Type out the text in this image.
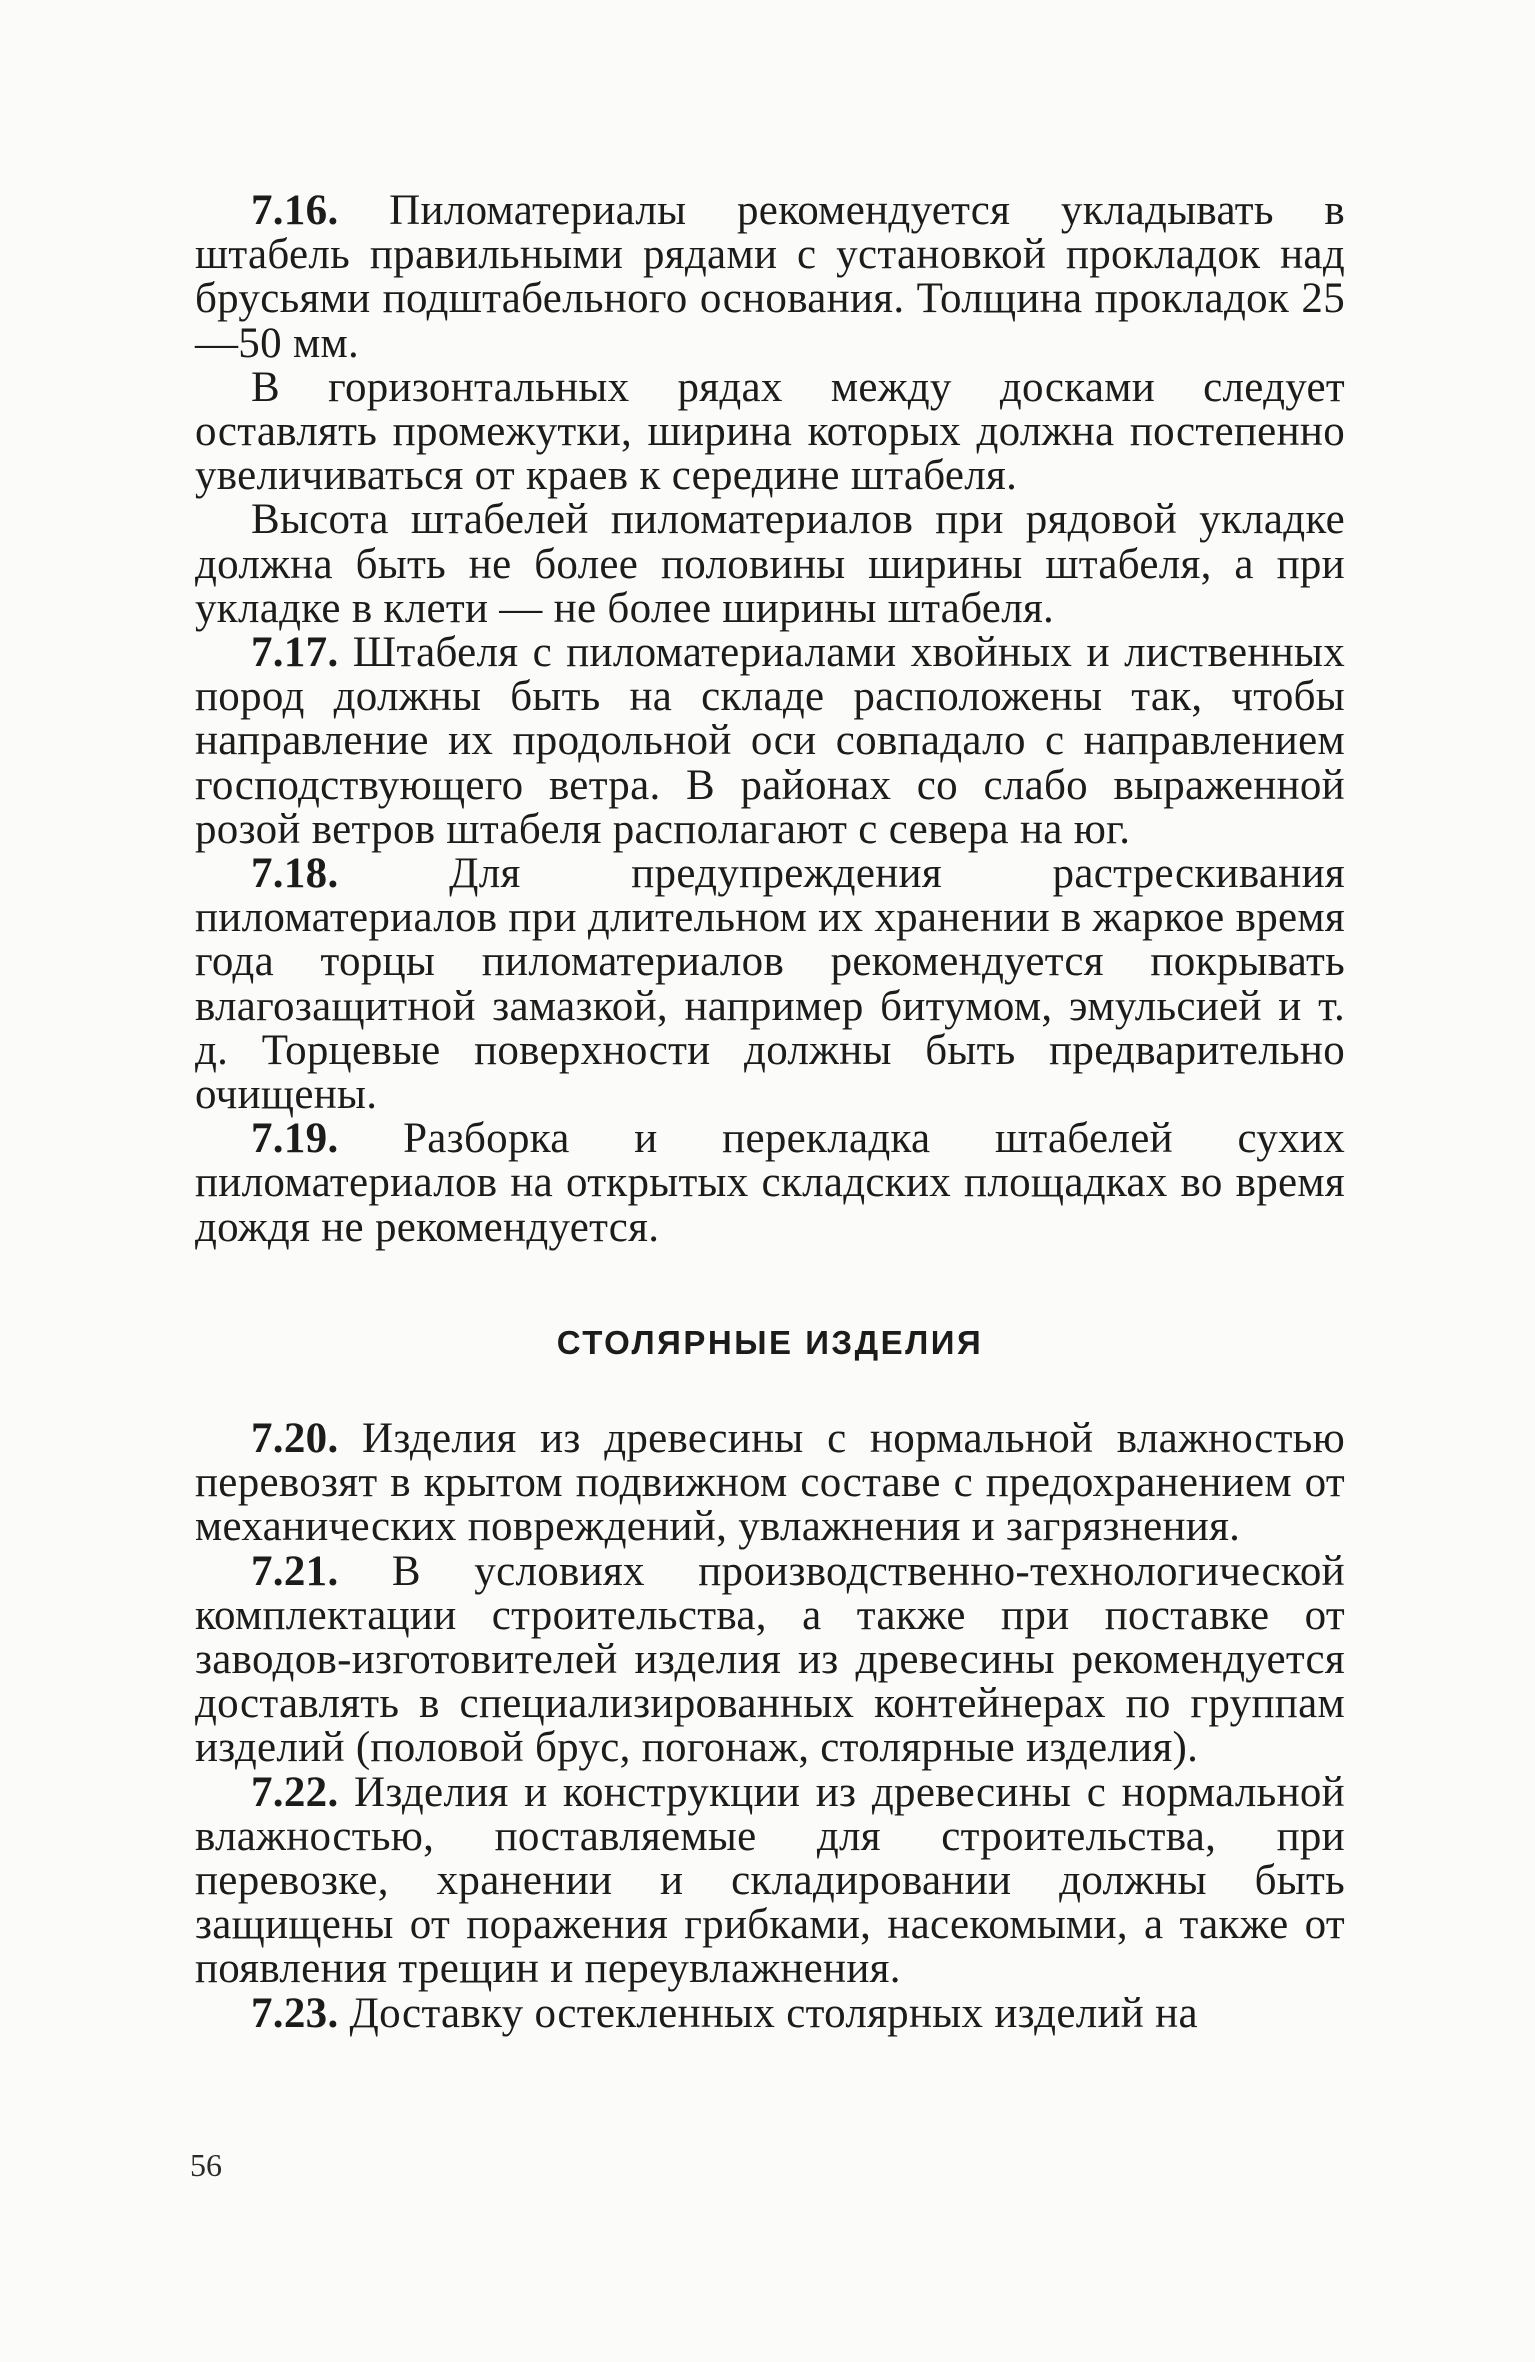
7.16. Пиломатериалы рекомендуется укладывать в штабель правильными рядами с установкой прокладок над брусьями подштабельного основания. Толщина прокладок 25—50 мм.

В горизонтальных рядах между досками следует оставлять промежутки, ширина которых должна постепенно увеличиваться от краев к середине штабеля.

Высота штабелей пиломатериалов при рядовой укладке должна быть не более половины ширины штабеля, а при укладке в клети — не более ширины штабеля.

7.17. Штабеля с пиломатериалами хвойных и лиственных пород должны быть на складе расположены так, чтобы направление их продольной оси совпадало с направлением господствующего ветра. В районах со слабо выраженной розой ветров штабеля располагают с севера на юг.

7.18. Для предупреждения растрескивания пиломатериалов при длительном их хранении в жаркое время года торцы пиломатериалов рекомендуется покрывать влагозащитной замазкой, например битумом, эмульсией и т. д. Торцевые поверхности должны быть предварительно очищены.

7.19. Разборка и перекладка штабелей сухих пиломатериалов на открытых складских площадках во время дождя не рекомендуется.

СТОЛЯРНЫЕ ИЗДЕЛИЯ

7.20. Изделия из древесины с нормальной влажностью перевозят в крытом подвижном составе с предохранением от механических повреждений, увлажнения и загрязнения.

7.21. В условиях производственно-технологической комплектации строительства, а также при поставке от заводов-изготовителей изделия из древесины рекомендуется доставлять в специализированных контейнерах по группам изделий (половой брус, погонаж, столярные изделия).

7.22. Изделия и конструкции из древесины с нормальной влажностью, поставляемые для строительства, при перевозке, хранении и складировании должны быть защищены от поражения грибками, насекомыми, а также от появления трещин и переувлажнения.

7.23. Доставку остекленных столярных изделий на

56
